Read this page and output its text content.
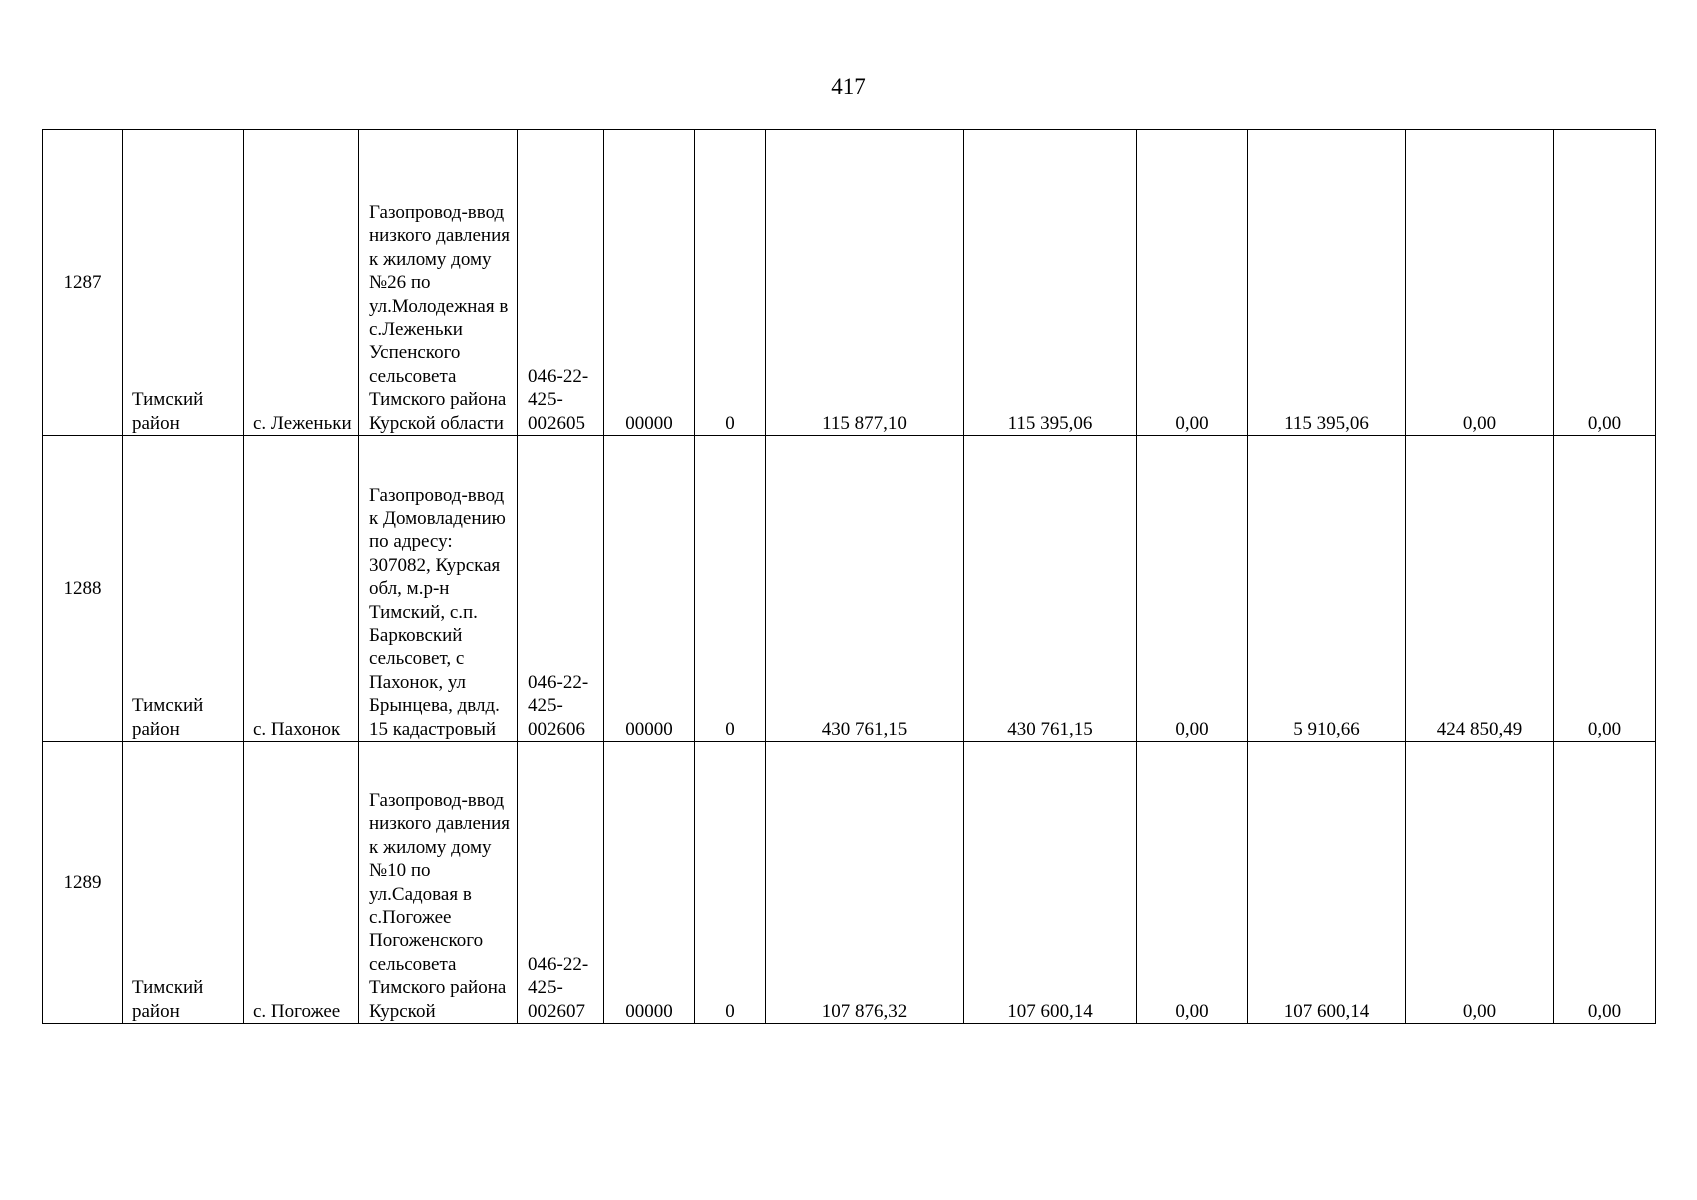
417
1287	Тимский район	с. Леженьки	Газопровод-ввод низкого давления к жилому дому №26 по ул.Молодежная в с.Леженьки Успенского сельсовета Тимского района Курской области	046-22-425-002605	00000	0	115 877,10	115 395,06	0,00	115 395,06	0,00	0,00
1288	Тимский район	с. Пахонок	Газопровод-ввод к Домовладению по адресу: 307082, Курская обл, м.р-н Тимский, с.п. Барковский сельсовет, с Пахонок, ул Брынцева, двлд. 15 кадастровый	046-22-425-002606	00000	0	430 761,15	430 761,15	0,00	5 910,66	424 850,49	0,00
1289	Тимский район	с. Погожее	Газопровод-ввод низкого давления к жилому дому №10 по ул.Садовая в с.Погожее Погоженского сельсовета Тимского района Курской	046-22-425-002607	00000	0	107 876,32	107 600,14	0,00	107 600,14	0,00	0,00
